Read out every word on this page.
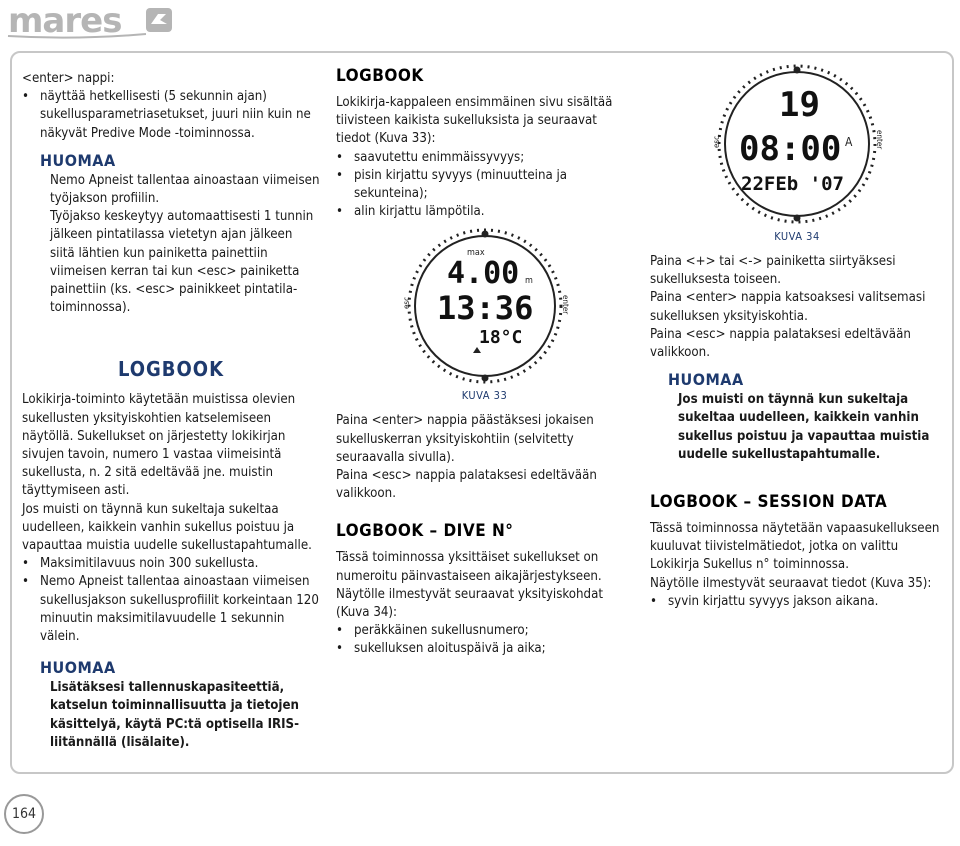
mares

<enter> nappi:

• näyttää hetkellisesti (5 sekunnin ajan) sukellusparametriasetukset, juuri niin kuin ne näkyvät Predive Mode -toiminnossa.
HUOMAA
Nemo Apneist tallentaa ainoastaan viimeisen työjakson profiilin.
Työjakso keskeytyy automaattisesti 1 tunnin jälkeen pintatilassa vietetyn ajan jälkeen siitä lähtien kun painiketta painettiin viimeisen kerran tai kun <esc> painiketta painettiin (ks. <esc> painikkeet pintatila-toiminnossa).
LOGBOOK

Lokikirja-toiminto käytetään muistissa olevien sukellusten yksityiskohtien katselemiseen näytöllä. Sukellukset on järjestetty lokikirjan sivujen tavoin, numero 1 vastaa viimeisintä sukellusta, n. 2 sitä edeltävää jne. muistin täyttymiseen asti.

Jos muisti on täynnä kun sukeltaja sukeltaa uudelleen, kaikkein vanhin sukellus poistuu ja vapauttaa muistia uudelle sukellustapahtumalle.

• Maksimitilavuus noin 300 sukellusta.
• Nemo Apneist tallentaa ainoastaan viimeisen sukellusjakson sukellusprofiilit korkeintaan 120 minuutin maksimitilavuudelle 1 sekunnin välein.
HUOMAA
Lisätäksesi tallennuskapasiteettiä, katselun toiminnallisuutta ja tietojen käsittelyä, käytä PC:tä optisella IRIS-liitännällä (lisälaite).
LOGBOOK

Lokikirja-kappaleen ensimmäinen sivu sisältää tiivisteen kaikista sukelluksista ja seuraavat tiedot (Kuva 33):

• saavutettu enimmäissyvyys;
• pisin kirjattu syvyys (minuutteina ja sekunteina);
• alin kirjattu lämpötila.
esc	enter
max
4.00 m
13:36
18°C
KUVA 33

Paina <enter> nappia päästäksesi jokaisen sukelluskerran yksityiskohtiin (selvitetty seuraavalla sivulla).

Paina <esc> nappia palataksesi edeltävään valikkoon.

LOGBOOK – DIVE N°

Tässä toiminnossa yksittäiset sukellukset on numeroitu päinvastaiseen aikajärjestykseen.

Näytölle ilmestyvät seuraavat yksityiskohdat (Kuva 34):

• peräkkäinen sukellusnumero;
• sukelluksen aloituspäivä ja aika;
esc	enter
19
08:00 A
22FEb '07
KUVA 34

Paina <+> tai <-> painiketta siirtyäksesi sukelluksesta toiseen.

Paina <enter> nappia katsoaksesi valitsemasi sukelluksen yksityiskohtia.

Paina <esc> nappia palataksesi edeltävään valikkoon.

HUOMAA
Jos muisti on täynnä kun sukeltaja sukeltaa uudelleen, kaikkein vanhin sukellus poistuu ja vapauttaa muistia uudelle sukellustapahtumalle.
LOGBOOK – SESSION DATA

Tässä toiminnossa näytetään vapaasukellukseen kuuluvat tiivistelmätiedot, jotka on valittu Lokikirja Sukellus n° toiminnossa.

Näytölle ilmestyvät seuraavat tiedot (Kuva 35):

• syvin kirjattu syvyys jakson aikana.
164
